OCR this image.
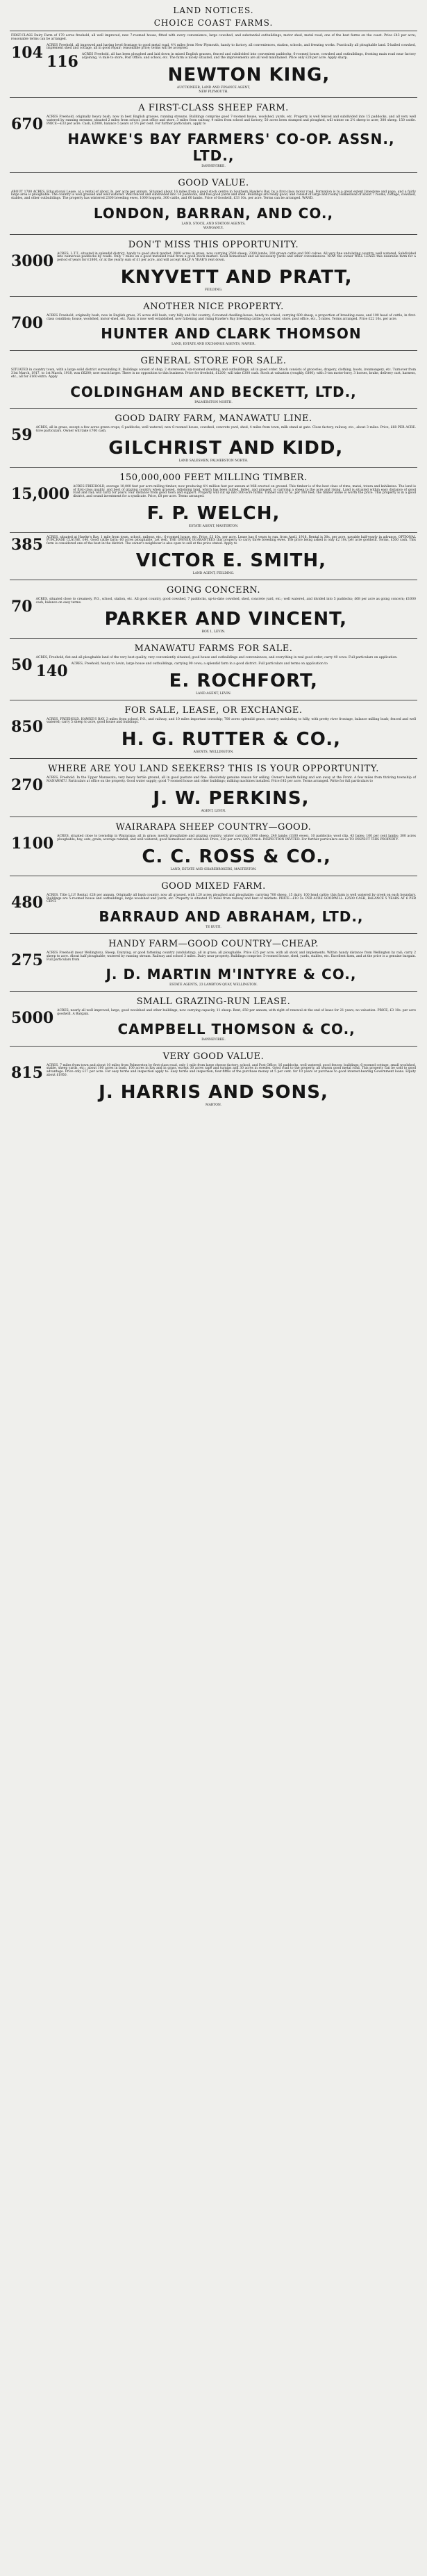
LAND NOTICES.
CHOICE COAST FARMS.
FIRST-CLASS Dairy Farm of 170 acres freehold, all well improved, new 7-roomed house, fitted with every convenience, large cowshed, and substantial outbuildings, motor shed, metal road; one of the best farms on the coast. Price £43 per acre; reasonable terms can be arranged.
104 ACRES Freehold, all improved and having level frontage to good metal road, 4½ miles from New Plymouth, handy to factory, all conveniences, station, schools, and freezing works. Practically all ploughable land. 5-bailed cowshed, implement shed and cottage, all in good repair; reasonable price; terms will be accepted.
116 ACRES Freehold, all has been ploughed and laid down in mixed English grasses, fenced and subdivided into convenient paddocks; 6-roomed house, cowshed and outbuildings, fronting main road near factory adjoining, ¼ mile to store, Post Office, and school, etc. The farm is nicely situated, and the improvements are all well maintained. Price only £28 per acre. Apply sharp.
NEWTON KING,
AUCTIONEER, LAND AND FINANCE AGENT,
NEW PLYMOUTH.
A FIRST-CLASS SHEEP FARM.
670 ACRES Freehold, originally heavy bush, now in best English grasses, running streams. Buildings comprise good 7-roomed house, woolshed, yards, etc. Property is well fenced and subdivided into 15 paddocks, and all very well watered by running streams; situated 2 miles from school, post office and store, 3 miles from railway, 9 miles from school and factory; 50 acres been stumped and ploughed, will winter on 2½ sheep to acre; 300 sheep, 150 cattle. PRICE—£33 per acre. Cash, £2000, balance 5 years at 5½ per cent. For further particulars, apply to
HAWKE'S BAY FARMERS' CO-OP. ASSN., LTD.,
DANNEVIRKE.
GOOD VALUE.
ABOUT 1700 ACRES, Educational Lease, at a rental of about 3s. per acre per annum. Situated about 16 miles from a good stock centre in Southern Hawke's Bay, by a first-class motor road. Formation is to a great extent limestone and papa, and a fairly large area is ploughable. The country is well grassed and well watered. Well fenced and subdivided into 14 paddocks, and has good yards and shed. Buildings are really good, and consist of large and roomy Homestead of about 7 rooms, cottage, cowshed, stables, and other outbuildings. The property has wintered 2300 breeding ewes, 1000 hoggets, 300 cattle, and 60 lambs. Price of Goodwill, £33 10s. per acre. Terms can be arranged. WAND.
LONDON, BARRAN, AND CO.,
LAND, STOCK, AND STATION AGENTS,
WANGANUI.
DON'T MISS THIS OPPORTUNITY.
3000 ACRES, L.T.T., situated in splendid district, handy to good stock market, 2000 acres in grass, now carrying 2500 sheep, 2300 lambs, 200 grown cattle and 500 calves. All very fine undulating country, well watered. Subdivided into numerous paddocks by roads. Only 7 miles on a good metalled road from a good stock market. Good homestead and all necessary yards and other conveniences. NOW the owner WILL LEASE this desirable farm for a period of years for £1800, or at the yearly sum of £1 per acre, and will accept HALF A YEAR'S rent down.
KNYVETT AND PRATT,
FEILDING.
ANOTHER NICE PROPERTY.
700 ACRES Freehold, originally bush, now in English grass, 25 acres still bush, very hilly and flat country; 6-roomed dwelling-house, handy to school, carrying 600 sheep, a proportion of breeding ewes, and 100 head of cattle, in first-class condition; house, woolshed, motor-shed, etc. Farm is now well established, now fattening and rising Hawke's Bay breeding cattle; good water, store, post office, etc., 5 miles. Terms arranged. Price £22 10s. per acre.
HUNTER AND CLARK THOMSON
LAND, ESTATE AND EXCHANGE AGENTS, NAPIER.
GENERAL STORE FOR SALE.
SITUATED in country town, with a large solid district surrounding it. Buildings consist of shop, 2 storerooms, six-roomed dwelling, and outbuildings, all in good order. Stock consists of groceries, drapery, clothing, boots, ironmongery, etc. Turnover from 31st March, 1917, to 1st March, 1918, was £6200; now much larger. There is no opposition to this business. Price for freehold, £1200; will take £300 cash. Stock at valuation (roughly, £800), with 3-ton motor-lorry, 3 horses, brake, delivery cart, harness, etc., all for £160 extra. Apply
COLDINGHAM AND BECKETT, LTD.,
PALMERSTON NORTH.
GOOD DAIRY FARM, MANAWATU LINE.
59 ACRES, all in grass, except a few acres green crops; 6 paddocks, well watered, new 6-roomed house, cowshed, concrete yard, shed, 4 miles from town, milk stand at gate. Close factory, railway, etc., about 3 miles. Price, £68 PER ACRE. Give particulars. Owner will take £700 cash.
GILCHRIST AND KIDD,
LAND SALESMEN, PALMERSTON NORTH.
150,000,000 FEET MILLING TIMBER.
15,000 ACRES FREEHOLD, average 10,000 feet per acre milling timber; now producing 4½ million feet per annum at Mill erected on ground. This timber is of the best class of rimu, matai, totara and kahikatea. The land is of first-class quality, and best of grazing country when grassed. Adjoining land, which has been milled, felled, and grassed, is carrying a sheep to the acre and rising. Land is situated within easy distance of good road and rail; will carry for years. Fair distance from good town and support. Property will cut up into 300-acre farms. Timber sold at 5s. per 100 feet; the timber alone is worth the price. This property is in a good district, and sound investment for a syndicate. Price, £8 per acre. Terms arranged.
F. P. WELCH,
ESTATE AGENT, MASTERTON.
385 ACRES, situated at Hawke's Bay, 1 mile from town, school, railway, etc.; 6-roomed house, etc. Price, £3 10s. per acre. Lease has 6 years to run, from April, 1918. Rental is 30s. per acre, payable half-yearly in advance. OPTIONAL PURCHASE CLAUSE, £40. Good cattle farm; 60 acres ploughable. Let well. THE OWNER GUARANTEES this property to carry three breeding ewes. The price being asked is only £2 10s. per acre goodwill. Terms, £500 cash. This farm is considered one of the best in the district. The owner's neighbour is also open to sell at the price stated. Apply to
VICTOR E. SMITH,
LAND AGENT, FEILDING.
GOING CONCERN.
70 ACRES, situated close to creamery, P.O., school, station, etc. All good country, good cowshed, 7 paddocks, up-to-date cowshed, shed, concrete yard, etc.; well watered, and divided into 5 paddocks; £68 per acre as going concern; £1000 cash, balance on easy terms.
PARKER AND VINCENT,
BOX 1, LEVIN.
MANAWATU FARMS FOR SALE.
50 ACRES, Freehold, flat and all ploughable land of the very best quality, very conveniently situated; good house and outbuildings and conveniences, and everything in real good order; carry 40 cows. Full particulars on application.
140 ACRES, Freehold, handy to Levin, large house and outbuildings, carrying 90 cows; a splendid farm in a good district. Full particulars and terms on application to
E. ROCHFORT,
LAND AGENT, LEVIN.
FOR SALE, LEASE, OR EXCHANGE.
850 ACRES, FREEHOLD, HAWKE'S BAY, 3 miles from school, P.O., and railway, and 10 miles important township; 700 acres splendid grass, country undulating to hilly, with pretty river frontage, balance milling bush; fenced and well watered; carry 5 sheep to acre, good house and buildings.
H. G. RUTTER & CO.,
AGENTS, WELLINGTON.
WHERE ARE YOU LAND SEEKERS? THIS IS YOUR OPPORTUNITY.
270 ACRES, Freehold. In the Upper Manawatu; very heavy fertile ground, all in good pasture and fine. Absolutely genuine reason for selling. Owner's health failing and son away at the Front. A few miles from thriving township of MANAWATU. Particulars at office on the property. Good water supply; good 7-roomed house and other buildings; milking machines installed. Price £45 per acre. Terms arranged. Write for full particulars to
J. W. PERKINS,
AGENT, LEVIN.
WAIRARAPA SHEEP COUNTRY—GOOD.
1100 ACRES, situated close to township in Wairarapa; all in grass; mostly ploughable and grazing country; winter carrying 1600 sheep, 240 lambs (1100 ewes), 10 paddocks; wool clip, 43 bales; 100 per cent lambs; 300 acres ploughable; hay, oats, grain; average rainfall, and well watered; good homestead and woolshed. Price, £20 per acre; £4000 cash. INSPECTION INVITED. For further particulars see us TO INSPECT THIS PROPERTY.
C. C. ROSS & CO.,
LAND, ESTATE AND SHAREBROKERS, MASTERTON.
GOOD MIXED FARM.
480 ACRES, Title L.I.P. Rental, £28 per annum. Originally all bush country, now all grassed, with 120 acres ploughed and ploughable; carrying 700 sheep, 15 dairy, 100 head cattle; this farm is well watered by creek on each boundary. Buildings are 5-roomed house and outbuildings, large woolshed and yards, etc. Property is situated 15 miles from railway and best of markets. PRICE—£10 3s. PER ACRE GOODWILL. £2500 CASH, BALANCE 5 YEARS AT 6 PER CENT.
BARRAUD AND ABRAHAM, LTD.,
TE KUITI.
HANDY FARM—GOOD COUNTRY—CHEAP.
275 ACRES Freehold (near Wellington), Sheep, Dairying, or good fattening country (undulating), all in grass; all ploughable. Price £25 per acre, with all stock and implements. Within handy distance from Wellington by rail; carry 2 sheep to acre. About half ploughable; watered by running stream. Railway and school 3 miles. Dairy near property. Buildings comprise: 5-roomed house, shed, yards, stables, etc. Excellent farm, and at the price is a genuine bargain. Full particulars from
J. D. MARTIN M'INTYRE & CO.,
ESTATE AGENTS, 23 LAMBTON QUAY, WELLINGTON.
SMALL GRAZING-RUN LEASE.
5000 ACRES, nearly all well improved, large, good woolshed and other buildings, now carrying capacity, 11 sheep. Rent, £50 per annum, with right of renewal at the end of lease for 21 years, no valuation. PRICE, £3 10s. per acre goodwill. A Bargain.
CAMPBELL THOMSON & CO.,
DANNEVIRKE.
VERY GOOD VALUE.
815 ACRES, 7 miles from town and about 10 miles from Palmerston by first-class road, only 1 mile from large cheese factory, school, and Post Office; 16 paddocks, well watered, good fences; buildings: 6-roomed cottage, small woolshed, stable, sheep yards, etc.; about 100 acres in bush, 100 acres in hay and in grass, except 30 acres rape and turnips and 30 acres in swedes. Good road to the property, all season good metal road. This property can be sold to good advantage. Price only £17 per acre. For easy terms and inspection apply to: Easy terms and inspection, four-fifths of the purchase money at 5 per cent. for 10 years or purchase to good interest-bearing Government loans. Equity about £1950.
J. HARRIS AND SONS,
MARTON.
